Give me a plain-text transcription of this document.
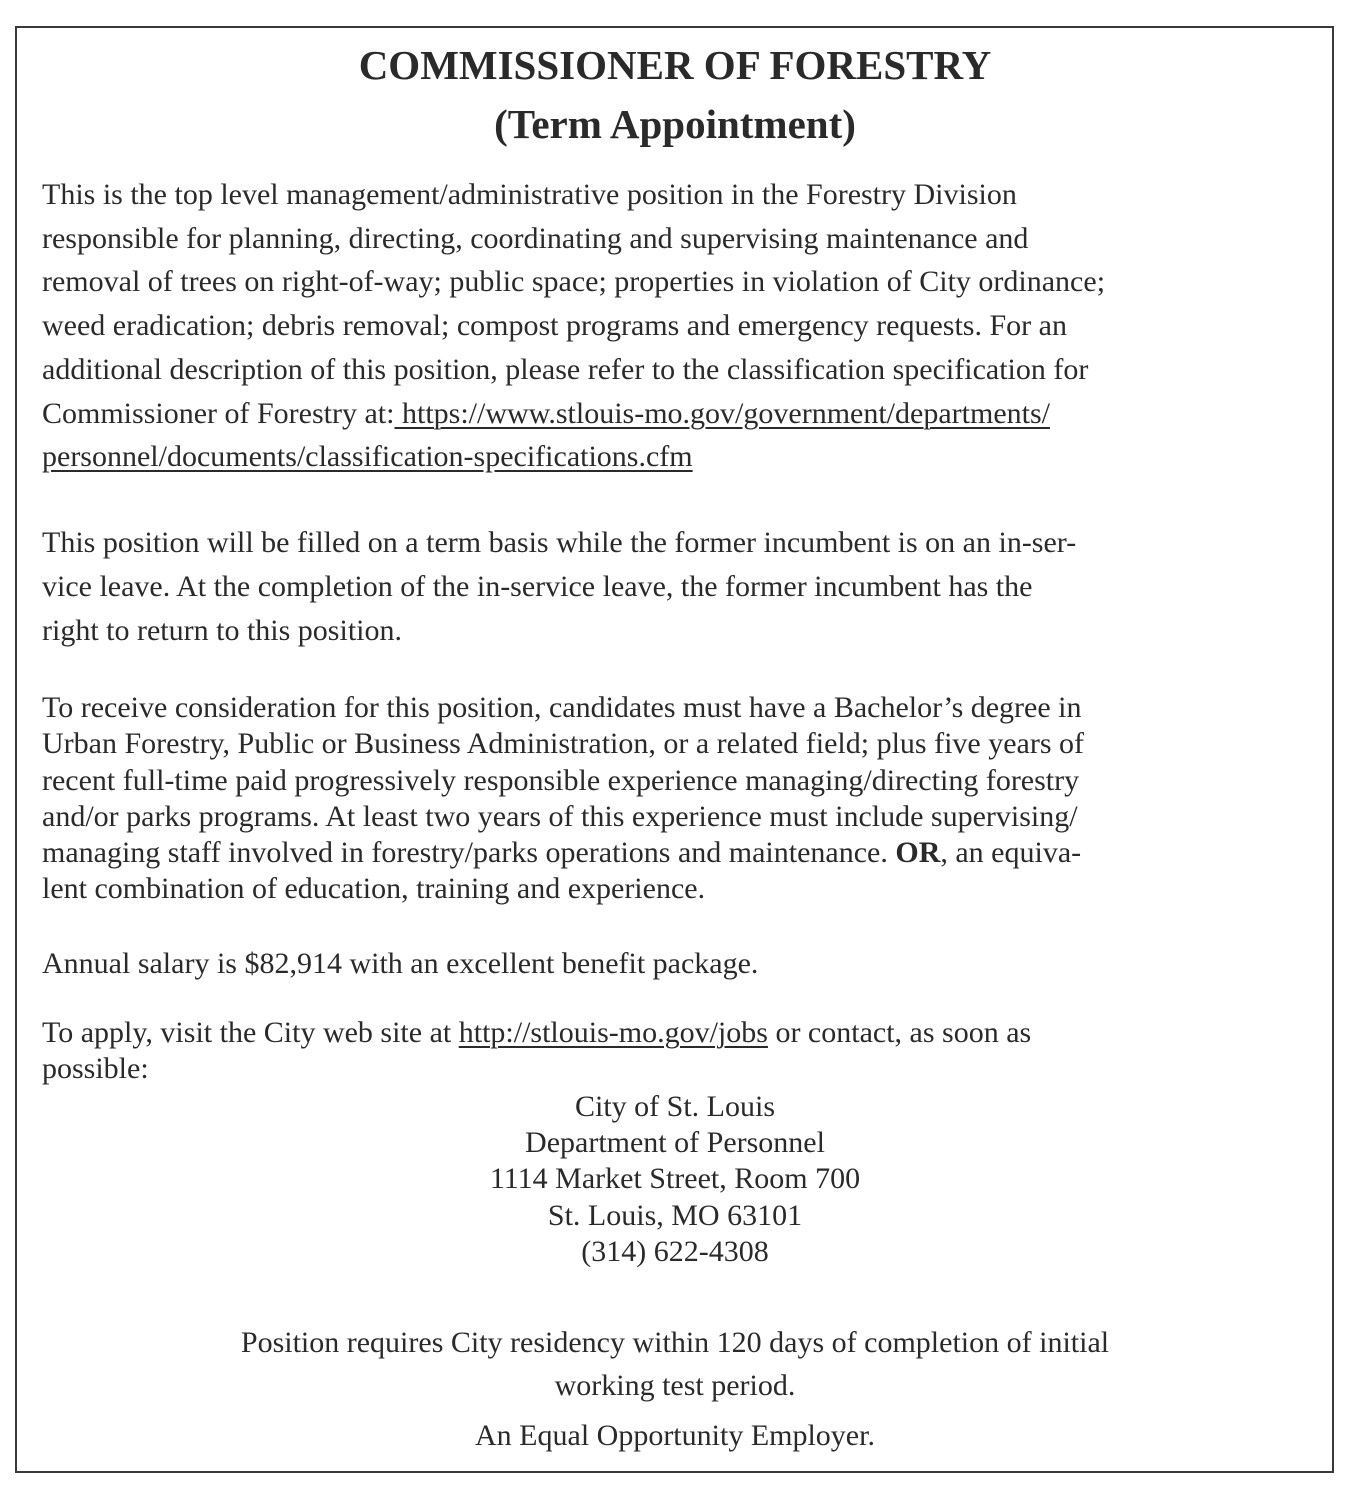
COMMISSIONER OF FORESTRY
(Term Appointment)

This is the top level management/administrative position in the Forestry Division
responsible for planning, directing, coordinating and supervising maintenance and
removal of trees on right-of-way; public space; properties in violation of City ordinance;
weed eradication; debris removal; compost programs and emergency requests. For an
additional description of this position, please refer to the classification specification for
Commissioner of Forestry at: https://www.stlouis-mo.gov/government/departments/
personnel/documents/classification-specifications.cfm

This position will be filled on a term basis while the former incumbent is on an in-ser-
vice leave. At the completion of the in-service leave, the former incumbent has the
right to return to this position.

To receive consideration for this position, candidates must have a Bachelor’s degree in
Urban Forestry, Public or Business Administration, or a related field; plus five years of
recent full-time paid progressively responsible experience managing/directing forestry
and/or parks programs. At least two years of this experience must include supervising/
managing staff involved in forestry/parks operations and maintenance. OR, an equiva-
lent combination of education, training and experience.

Annual salary is $82,914 with an excellent benefit package.

To apply, visit the City web site at http://stlouis-mo.gov/jobs or contact, as soon as
possible:

City of St. Louis
Department of Personnel
1114 Market Street, Room 700
St. Louis, MO 63101
(314) 622-4308

Position requires City residency within 120 days of completion of initial
working test period.

An Equal Opportunity Employer.
